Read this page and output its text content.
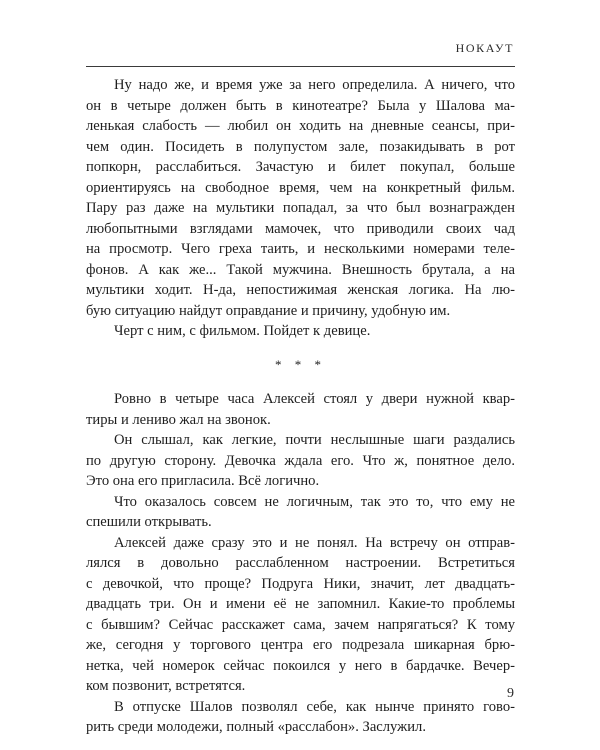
НОКАУТ
Ну надо же, и время уже за него определила. А ничего, что
он в четыре должен быть в кинотеатре? Была у Шалова ма-
ленькая слабость — любил он ходить на дневные сеансы, при-
чем один. Посидеть в полупустом зале, позакидывать в рот
попкорн, расслабиться. Зачастую и билет покупал, больше
ориентируясь на свободное время, чем на конкретный фильм.
Пару раз даже на мультики попадал, за что был вознагражден
любопытными взглядами мамочек, что приводили своих чад
на просмотр. Чего греха таить, и несколькими номерами теле-
фонов. А как же... Такой мужчина. Внешность брутала, а на
мультики ходит. Н-да, непостижимая женская логика. На лю-
бую ситуацию найдут оправдание и причину, удобную им.
Черт с ним, с фильмом. Пойдет к девице.
* * *
Ровно в четыре часа Алексей стоял у двери нужной квар-
тиры и лениво жал на звонок.
Он слышал, как легкие, почти неслышные шаги раздались
по другую сторону. Девочка ждала его. Что ж, понятное дело.
Это она его пригласила. Всё логично.
Что оказалось совсем не логичным, так это то, что ему не
спешили открывать.
Алексей даже сразу это и не понял. На встречу он отправ-
лялся в довольно расслабленном настроении. Встретиться
с девочкой, что проще? Подруга Ники, значит, лет двадцать-
двадцать три. Он и имени её не запомнил. Какие-то проблемы
с бывшим? Сейчас расскажет сама, зачем напрягаться? К тому
же, сегодня у торгового центра его подрезала шикарная брю-
нетка, чей номерок сейчас покоился у него в бардачке. Вечер-
ком позвонит, встретятся.
В отпуске Шалов позволял себе, как нынче принято гово-
рить среди молодежи, полный «расслабон». Заслужил.
9
